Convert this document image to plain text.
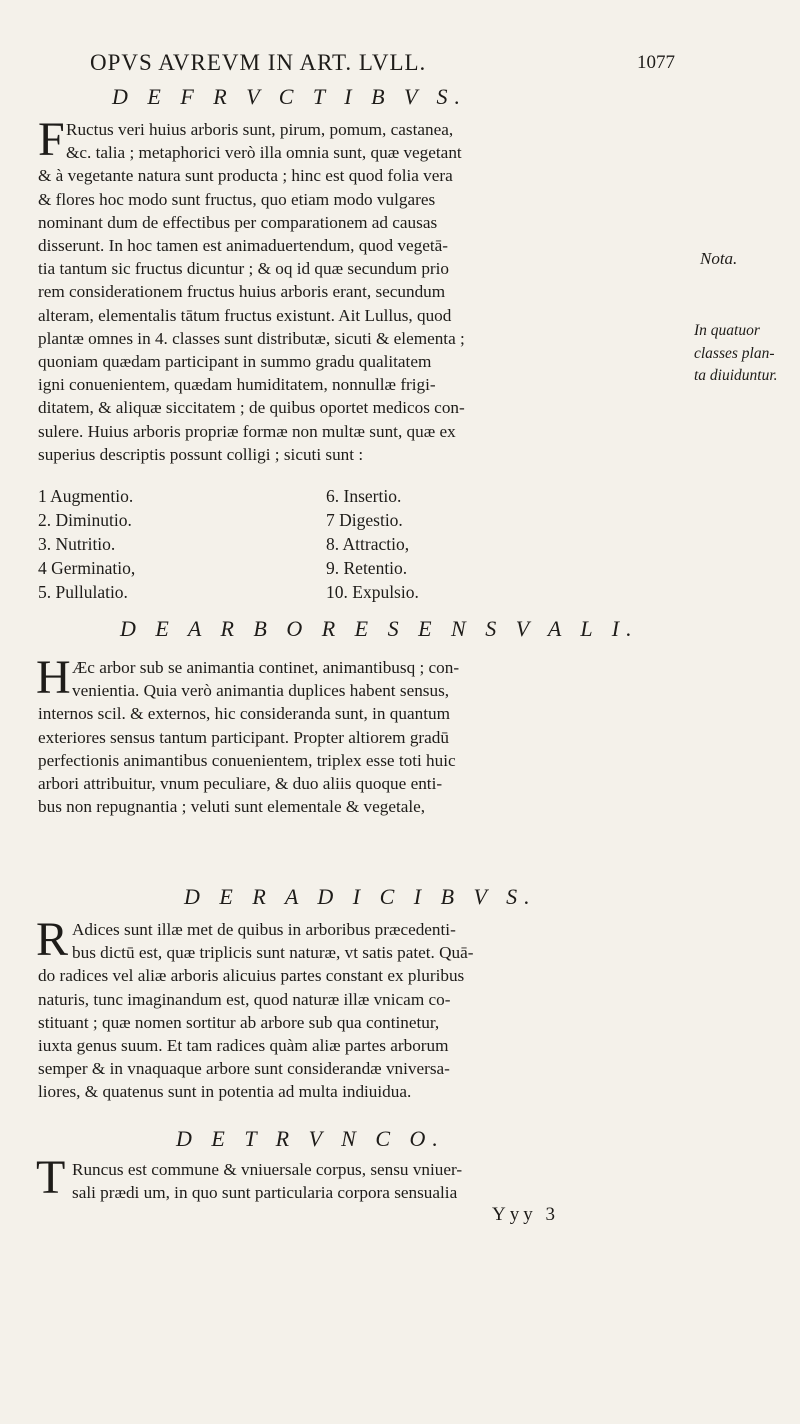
OPVS AVREVM IN ART. LVLL.	1077
D E F R V C T I B V S.
F Ructus veri huius arboris sunt, pirum, pomum, castanea,
&c. talia ; metaphorici verò illa omnia sunt, quæ vegetant
& à vegetante natura sunt producta ; hinc est quod folia vera
& flores hoc modo sunt fructus, quo etiam modo vulgares
nominant dum de effectibus per comparationem ad causas
disserunt. In hoc tamen est animaduertendum, quod vegetā-
tia tantum sic fructus dicuntur ; & oq id quæ secundum prio
rem considerationem fructus huius arboris erant, secundum
alteram, elementalis tātum fructus existunt. Ait Lullus, quod
plantæ omnes in 4. classes sunt distributæ, sicuti & elementa ;
quoniam quædam participant in summo gradu qualitatem
igni conuenientem, quædam humiditatem, nonnullæ frigi-
ditatem, & aliquæ siccitatem ; de quibus oportet medicos con-
sulere. Huius arboris propriæ formæ non multæ sunt, quæ ex
superius descriptis possunt colligi ; sicuti sunt :
Nota.
In quatuor
classes plan-
ta diuiduntur.
1 Augmentio.
2. Diminutio.
3. Nutritio.
4 Germinatio,
5. Pullulatio.
6. Insertio.
7 Digestio.
8. Attractio,
9. Retentio.
10. Expulsio.
D E A R B O R E S E N S V A L I.
H Æc arbor sub se animantia continet, animantibusq ; con-
venientia. Quia verò animantia duplices habent sensus,
internos scil. & externos, hic consideranda sunt, in quantum
exteriores sensus tantum participant. Propter altiorem gradū
perfectionis animantibus conuenientem, triplex esse toti huic
arbori attribuitur, vnum peculiare, & duo aliis quoque enti-
bus non repugnantia ; veluti sunt elementale & vegetale,
D E R A D I C I B V S.
R Adices sunt illæ met de quibus in arboribus præcedenti-
bus dictū est, quæ triplicis sunt naturæ, vt satis patet. Quā-
do radices vel aliæ arboris alicuius partes constant ex pluribus
naturis, tunc imaginandum est, quod naturæ illæ vnicam co-
stituant ; quæ nomen sortitur ab arbore sub qua continetur,
iuxta genus suum. Et tam radices quàm aliæ partes arborum
semper & in vnaquaque arbore sunt considerandæ vniversa-
liores, & quatenus sunt in potentia ad multa indiuidua.
D E T R V N C O.
T Runcus est commune & vniuersale corpus, sensu vniuer-
sali prædi um, in quo sunt particularia corpora sensualia
Yyy 3
